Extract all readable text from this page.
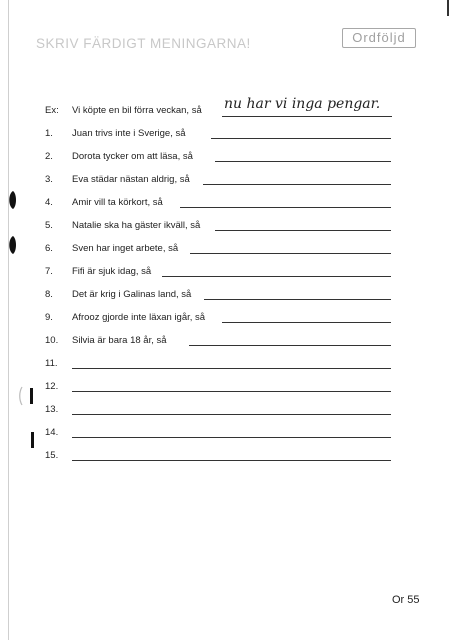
SKRIV FÄRDIGT MENINGARNA!	Ordföljd
Ex: Vi köpte en bil förra veckan, så nu har vi inga pengar.
1. Juan trivs inte i Sverige, så
2. Dorota tycker om att läsa, så
3. Eva städar nästan aldrig, så
4. Amir vill ta körkort, så
5. Natalie ska ha gäster ikväll, så
6. Sven har inget arbete, så
7. Fifi är sjuk idag, så
8. Det är krig i Galinas land, så
9. Afrooz gjorde inte läxan igår, så
10. Silvia är bara 18 år, så
11.
12.
13.
14.
15.
Or 55
